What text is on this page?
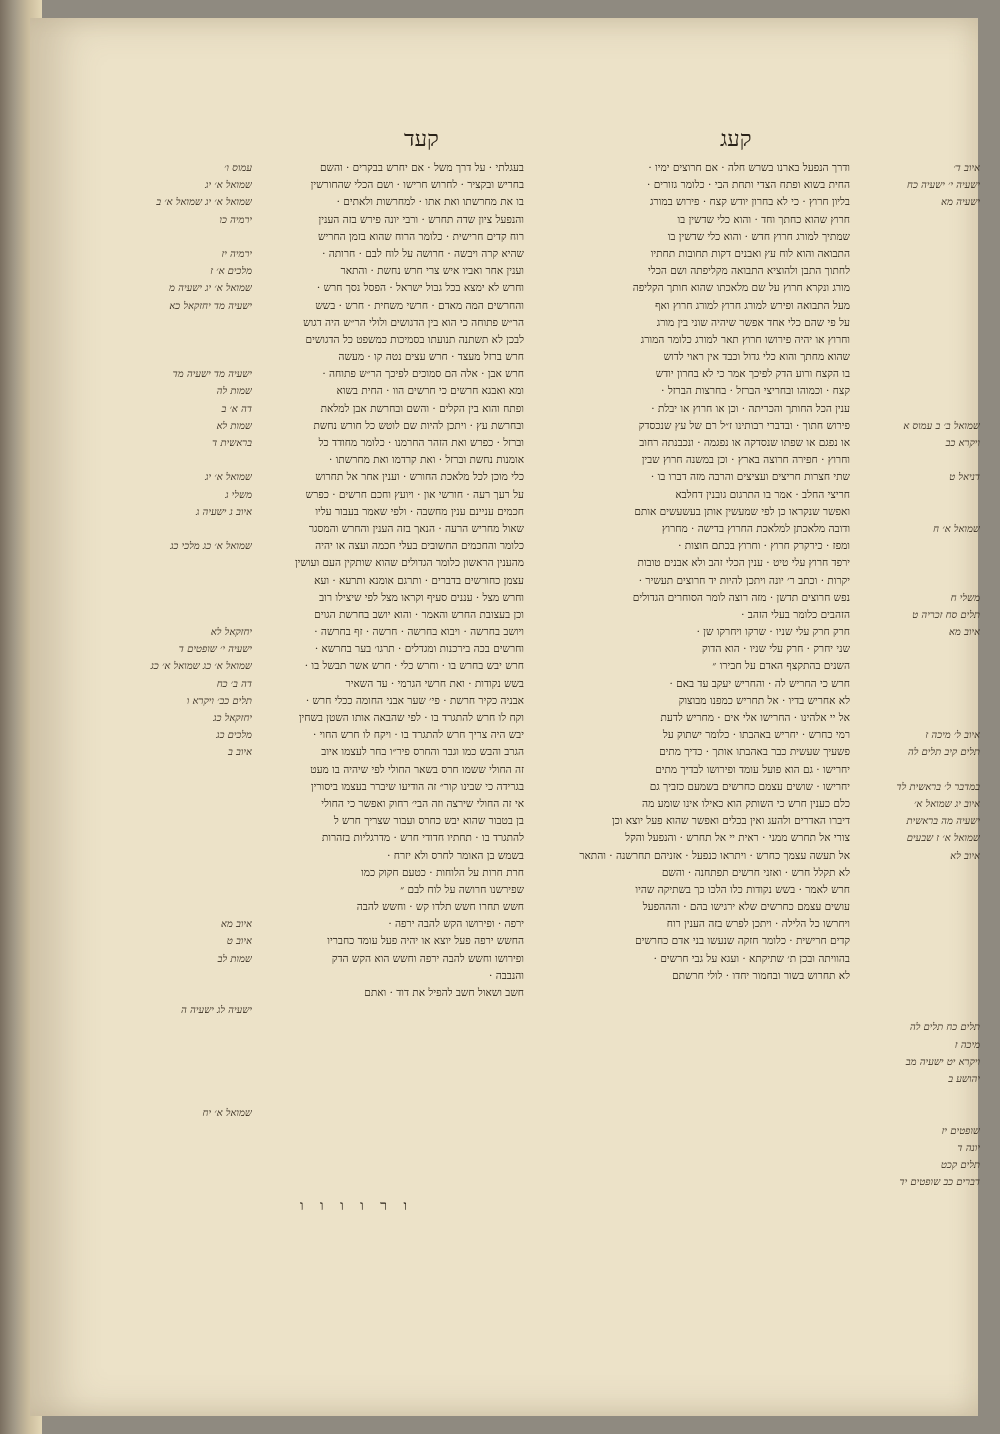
קעג
קעד

איוב ד׳

ישעיה י׳ ישעיה כח

ישעיה מא

שמואל ב׳ ב עמוס א

ויקרא כב

דניאל ט

שמואל א׳ ח

משלי ח

תלים סח זכריה ט

איוב מא

איוב ל׳ מיכה ז

תלים קיב תלים לה

במדבר ל׳ בראשית לד

איוב יג שמואל א׳

ישעיה מה בראשית

שמואל א׳ ז שבעים

איוב לא

תלים כח תלים לה

מיכה ז

ויקרא יט ישעיה מב

יהושע ב

שופטים יז

יונה ד

תלים קכט

דברים כב שופטים יד

ודרך הנפעל בארנו בשרש חלה · אם חרוצים ימיו ·

החית בשוא ופתח הצדי ותחת הבי · כלומר גזורים ·

בליון חרוץ · כי לא בחרון יודש קצח · פירוש במורג

חרוץ שהוא כחתך וחד · והוא כלי שדשין בו

שמתיך למורג חרוץ חדש · והוא כלי שדשין בו

התבואה והוא לוח עץ ואבנים דקות תחובות תחתיו

לחתוך התבן ולהוציא התבואה מקליפתה ושם הכלי

מורג ונקרא חרוץ על שם מלאכתו שהוא חותך הקליפה

מעל התבואה ופירש למורג חרוץ למורג חרוץ ואף

על פי שהם כלי אחד אפשר שיהיה שוני בין מורג

וחרוץ או יהיה פירושו חרוץ תאר למורג כלומר המורג

שהוא מחתך והוא כלי גדול וכבד אין ראוי לדוש

בו הקצח ורוע הדק לפיכך אמר כי לא בחרון יודש

קצח · וכמוהו ובחריצי הברזל · בחרצות הברזל ·

ענין הכל החותך והכריתה · וכן או חרוץ או יבלת ·

פירוש חתוך · ובדברי רבותינו ז״ל רם של עץ שנכסדק

או נפגם או שפתו שנסדקה או נפגמה · ונכבנתה רחוב

וחרוץ · חפירה חרוצה בארץ · וכן במשנה חרוץ שבין

שתי חצרות חריצים ועציצים והרבה מזה דברו בו ·

חריצי החלב · אמר בו התרגום גובנין דחלבא

ואפשר שנקראו כן לפי שמעשין אותן בעשעשים אותם

ודובה מלאכתן למלאכת החרוץ בדישה · מחרוץ

ומפז · כירקרק חרוץ · וחרוץ בכתם חוצות ·

ירפד חרוץ עלי טיט · ענין הכלי זהב ולא אבנים טובות

יקרות · וכתב ר׳ יונה ויתכן להיות יד חרוצים תעשיר ·

נפש חרוצים תדשן · מזה רוצה לומר הסוחרים הגדולים

הזהבים כלומר בעלי הזהב ·

חרק חרק עלי שניו · שרקו ויחרקו שן ·

שני יחרק · חרק עלי שניו · הוא הדוק

השנים בהתקצף האדם על חבירו ״

חרש כי החריש לה · והחריש יעקב עד באם ·

לא אחריש בדיו · אל תחריש כמפנו מבוצוק

אל יי אלהינו · החרישו אלי אים · מחריש לדעת

רמי כחרש · יחריש באהבתו · כלומר ישתוק על

פשעיך שעשית כבר באהבתו אותך · כדיך מתים

יחרישו · גם הוא פועל עומד ופירושו לבדיך מתים

יחרישו · שושים עצמם כחרשים בשמעם כזביך גם

כלם כענין חרש כי השותק הוא כאילו אינו שומע מה

דיברו האדרים ולהעג ואין בכלים ואפשר שהוא פעל יוצא וכן

צורי אל תחרש ממני · ראית יי אל תחרש · והנפעל והקל

אל תעשה עצמך כחרש · ויתראו כנפעל · אזניהם תחרשנה · והתאר

לא תקלל חרש · ואזני חרשים תפתחנה · והשם

חרש לאמר · בשש נקודות כלו הלכו כך בשתיקה שהיו

עושים עצמם כחרשים שלא ירגישו בהם · והההפעל

ויחרשו כל הלילה · ויתכן לפרש בזה הענין רוח

קדים חרישית · כלומר חזקה שנעשו בני אדם כחרשים

בהוויתה ובכן ת׳ שתיקתא · ועגא על גבי חרשים ·

לא תחרוש בשור ובחמור יחדו · לולי חרשתם

בעגלתי · על דרך משל · אם יחרש בבקרים · והשם

בחריש ובקציר · לחרוש חרישו · ושם הכלי שהחורשין

בו את מחרשתו ואת אתו · למחרשות ולאתים ·

והנפעל ציון שדה תחרש · ורבי יונה פירש בזה הענין

רוח קדים חרישית · כלומר הרוח שהוא בזמן החריש

שהיא קרה ויבשה · חרושה על לוח לבם · חרותה ·

וענין אחר ואביו איש צרי חרש נחשת · והתאר

וחרש לא ימצא בכל גבול ישראל · הפסל נסך חרש ·

והחרשים המה מאדם · חרשי משחית · חרש · בשש

הר״ש פתוחה כי הוא בין הדגושים ולולי הר״ש היה דגוש

לבכן לא תשתנה תנועתו בסמיכות כמשפט כל הדגושים

חרש ברזל מעצד · חרש עצים נטה קו · מעשה

חרש אבן · אלה הם סמוכים לפיכך הר״ש פתוחה ·

ומא ואבגא חרשים כי חרשים הוו · החית בשוא

ופתח והוא בין הקלים · והשם ובחרשת אבן למלאת

ובחרשת עץ · ויתכן להיות שם לוטש כל חורש נחשת

וברזל · כפרש ואת הזהר החרמנו · כלומר מחודד כל

אומנות נחשת וברזל · ואת קרדמו ואת מחרשתו ·

כלי מוכן לכל מלאכת החורש · וענין אחר אל תחרוש

על רעך רעה · חורשי און · ויועץ וחכם חרשים · כפרש

חכמים עניינם ענין מחשבה · ולפי שאמר בעבור עליו

שאול מחריש הרעה · הנאך בזה הענין והחרש והמסגר

כלומר והחכמים החשובים בעלי חכמה ועצה או יהיה

מהענין הראשון כלומר הגדולים שהוא שותקין העם ועושין

עצמן כחורשים בדברים · ותרגם אומנא ותרעא · ועא

וחרש מצל · עננים סעיף וקראו מצל לפי שיצילו רוב

וכן בעצובת החרש והאמר · והוא יושב בחרשת הגוים

ויושב בחרשה · ויבוא בחרשה · חרשה · זף בחרשה ·

וחרשים בכה בירכנות ומגדלים · תרגו׳ בער בחרשא ·

חרש יבש בחרש בו · וחרש כלי · חרש אשר תבשל בו ·

בשש נקודות · ואת חרשי הגרמי · עד השאיר

אבניה כקיר חרשת · פי׳ שער אבני החומה ככלי חרש ·

וקח לו חרש להתגרד בו · לפי שהבאה אותו השטן בשחין

יבש היה צריך חרש להתגרד בו · ויקח לו חרש החוי ·

הגרב והבש כמו וגבר והחרס פיר״ו בחר לעצמו איוב

זה החולי ששמו חרס בשאר החולי לפי שיהיה בו מעט

בגרידה כי שבינו קור״ זה הודיעו שיברר בעצמו ביסורין

אי זה החולי שירצה וזה הבי׳ רחוק ואפשר כי החולי

בן בטבור שהוא יבש כחרס ועבור שצריך חרש ל

להתגרד בו · תחתיו חדודי חרש · מדרגליות בזהרות

בשמש בן האומר לחרס ולא יזרח ·

חרת חרות על הלוחות · כטעם חקוק כמו

שפירשנו חרושה על לוח לבם ״

חשש תחרו חשש תלדו קש · וחשש להבה

ירפה · ופירושו הקש להבה ירפה ·

החשש ירפה פעל יוצא או יהיה פעל עומד כחבריו

ופירושו וחשש להבה ירפה וחשש הוא הקש הדק

והנבבה ·

חשב ושאול חשב להפיל את דוד · ואתם

עמוס ו׳

שמואל א׳ יג

שמואל א׳ יג שמואל א׳ ב

ירמיה כו

ירמיה יז

מלכים א׳ ז

שמואל א׳ יג ישעיה מ

ישעיה מד יחזקאל כא

ישעיה מד ישעיה מד

שמות לה

דה א׳ ב

שמות לא

בראשית ד

שמואל א׳ יג

משלי ג

איוב ג ישעיה ג

שמואל א׳ כג מלכי כג

יחזקאל לא

ישעיה י׳ שופטים ד

שמואל א׳ כג שמואל א׳ כג

דה ב׳ כח

תלים כב׳ ויקרא ו

יחזקאל כג

מלכים כג

איוב ב

איוב מא

איוב ט

שמות לב

ישעיה לג ישעיה ה

שמואל א׳ יח

ו ר ו ו ו ו
